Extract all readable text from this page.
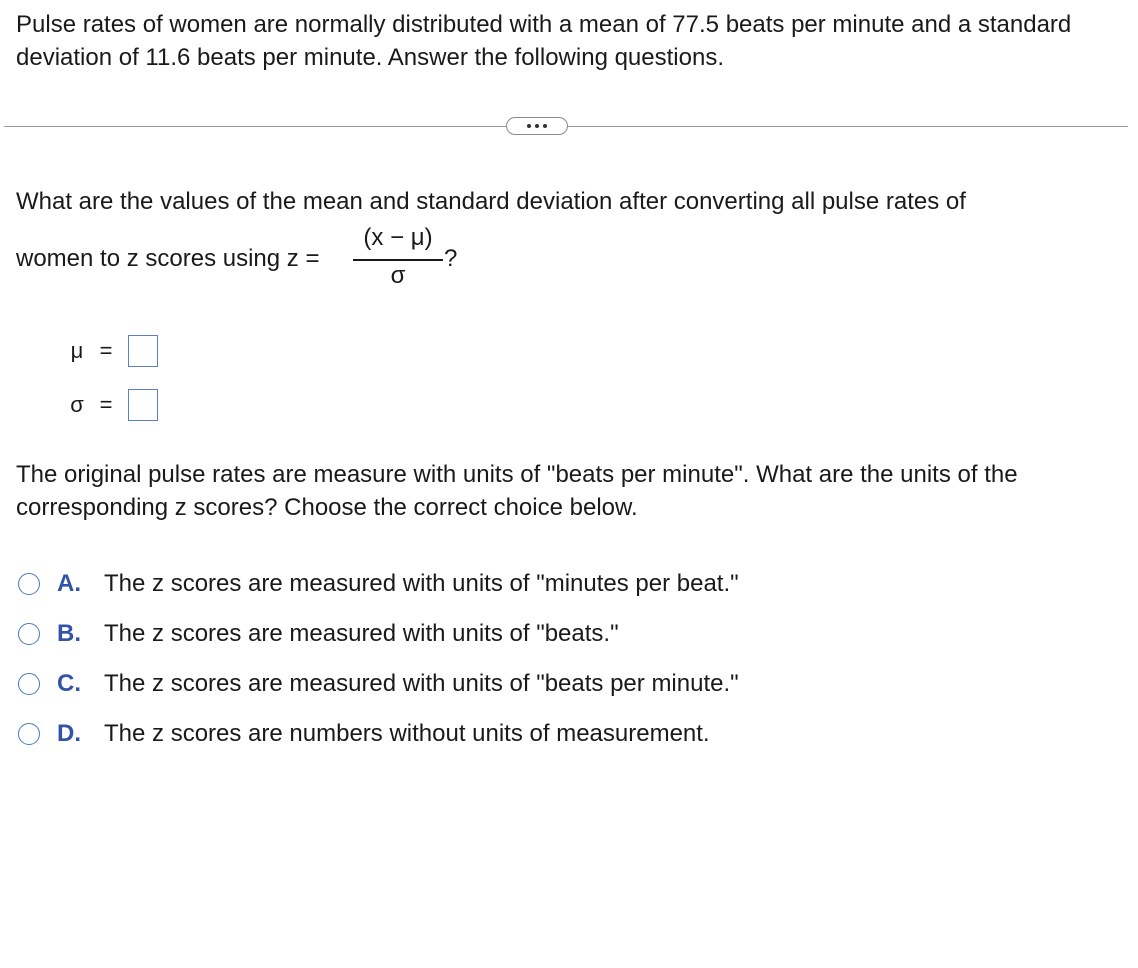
Pulse rates of women are normally distributed with a mean of 77.5 beats per minute and a standard deviation of 11.6 beats per minute. Answer the following questions.
What are the values of the mean and standard deviation after converting all pulse rates of
women to z scores using z =
(x − μ)
σ
?
μ =
σ =
The original pulse rates are measure with units of "beats per minute". What are the units of the corresponding z scores? Choose the correct choice below.
A. The z scores are measured with units of "minutes per beat."
B. The z scores are measured with units of "beats."
C. The z scores are measured with units of "beats per minute."
D. The z scores are numbers without units of measurement.
